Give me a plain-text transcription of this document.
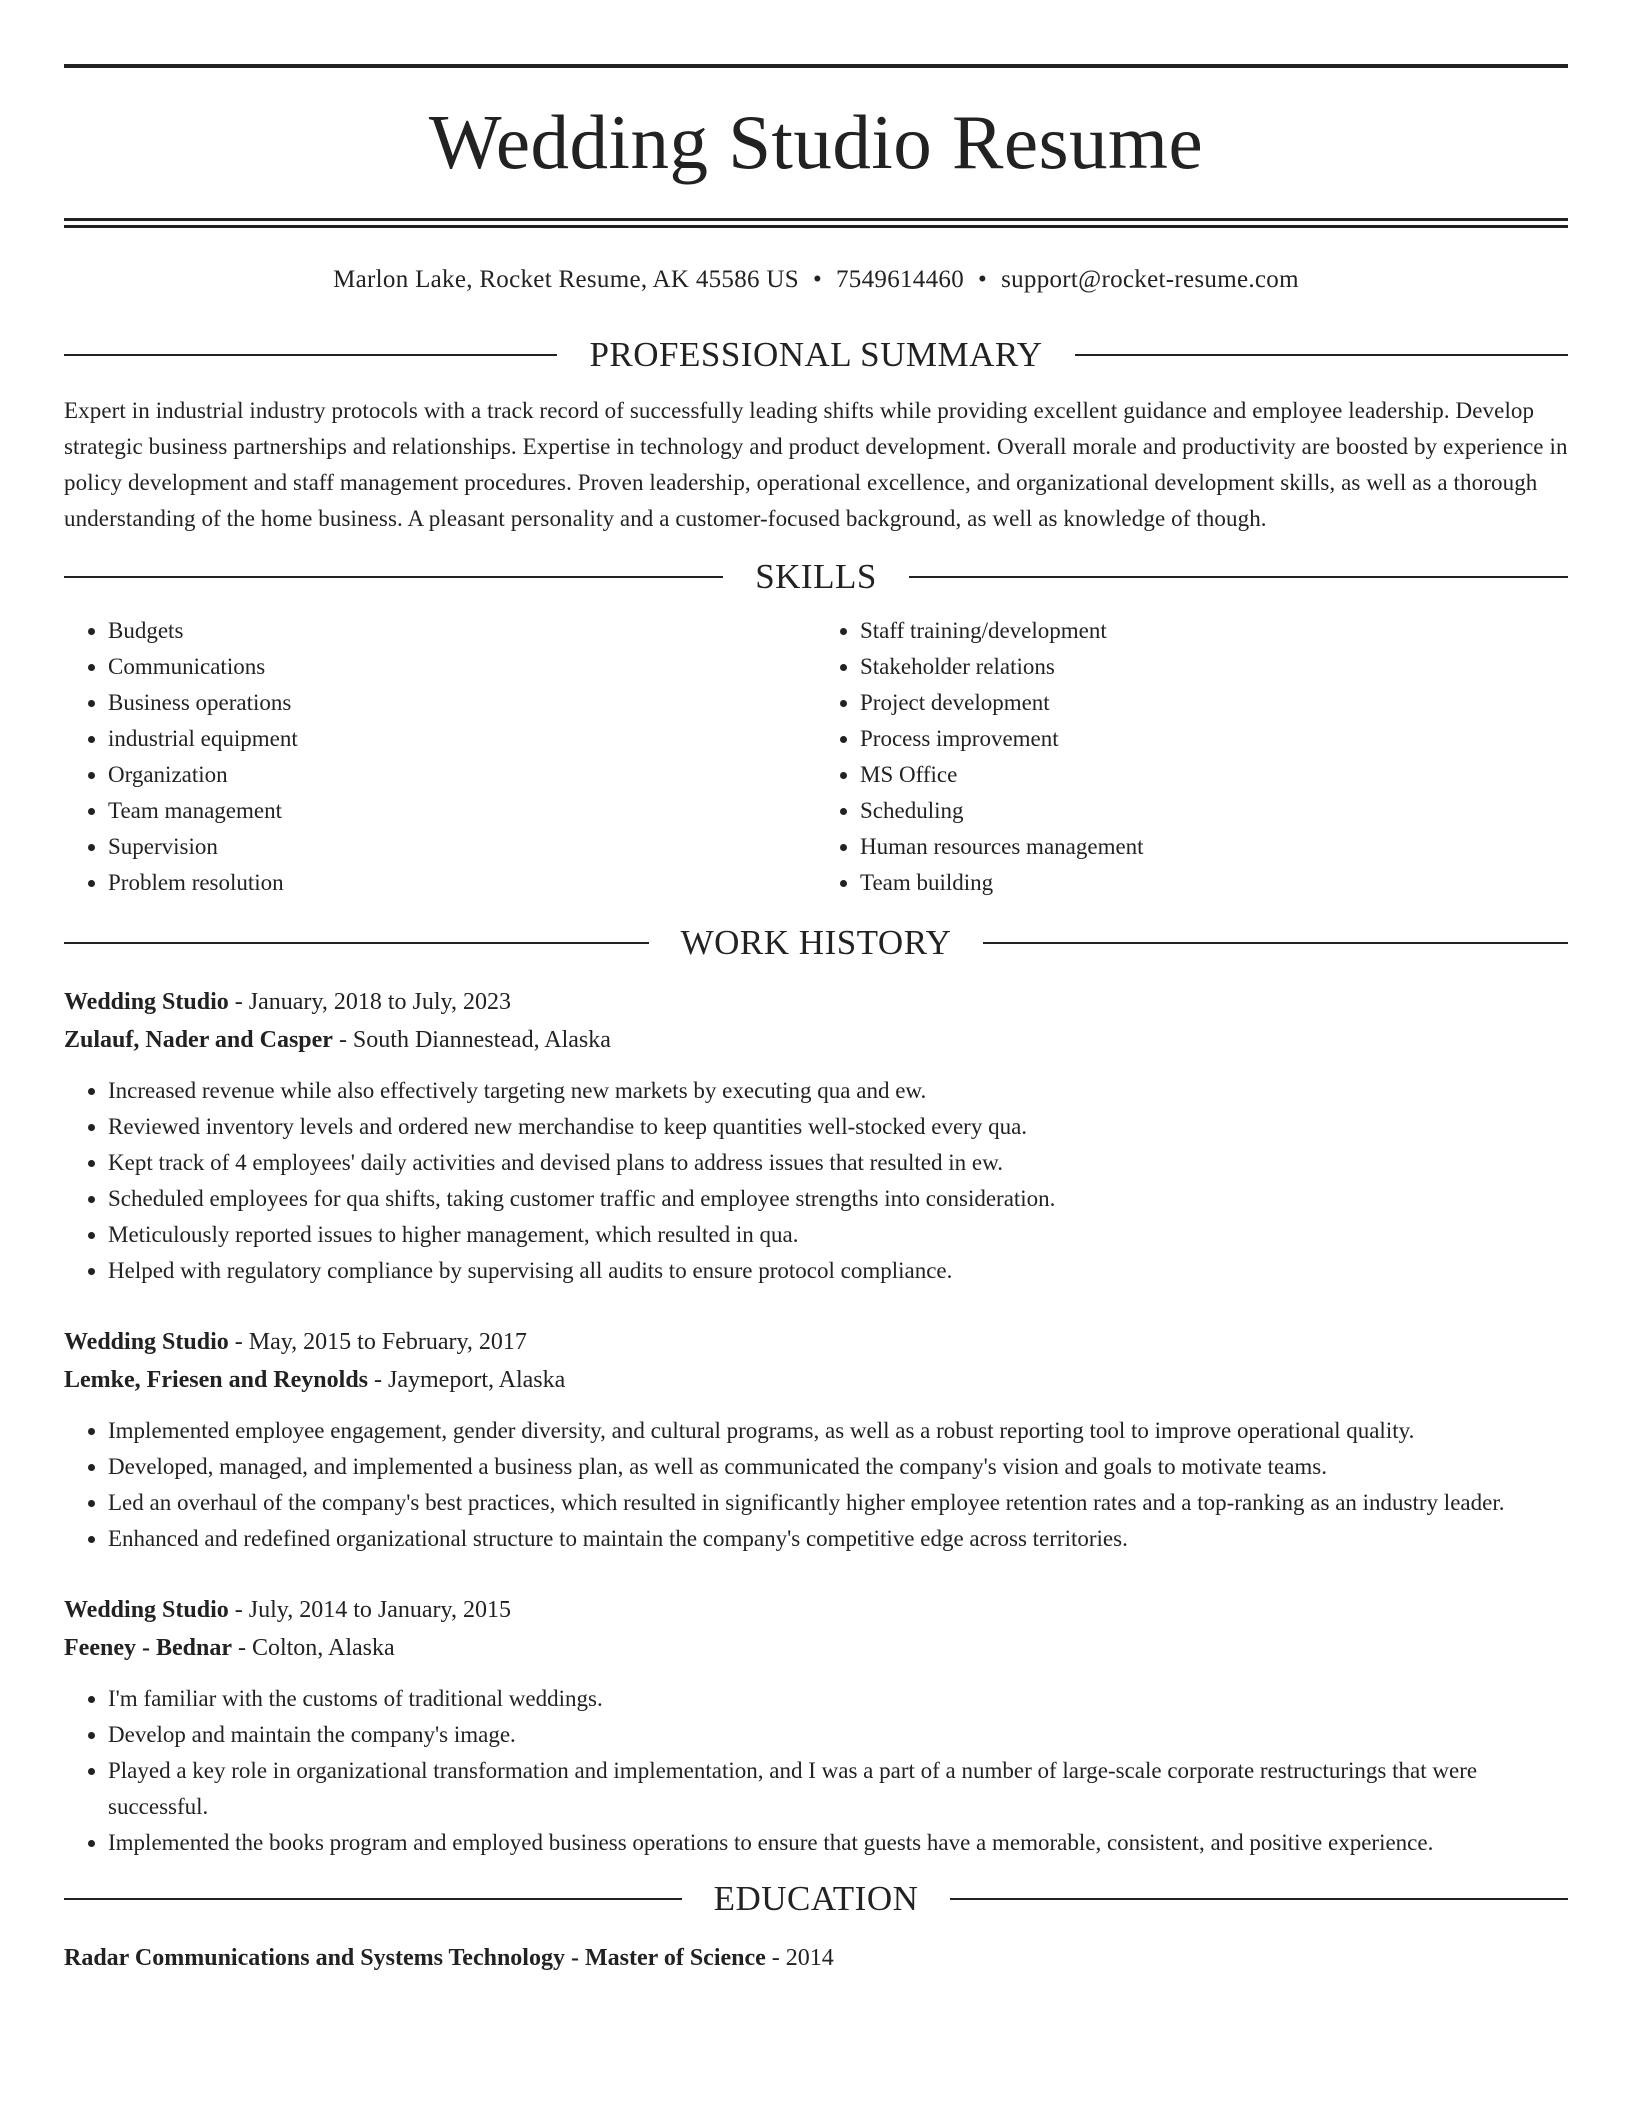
Wedding Studio Resume
Marlon Lake, Rocket Resume, AK 45586 US • 7549614460 • support@rocket-resume.com
PROFESSIONAL SUMMARY
Expert in industrial industry protocols with a track record of successfully leading shifts while providing excellent guidance and employee leadership. Develop strategic business partnerships and relationships. Expertise in technology and product development. Overall morale and productivity are boosted by experience in policy development and staff management procedures. Proven leadership, operational excellence, and organizational development skills, as well as a thorough understanding of the home business. A pleasant personality and a customer-focused background, as well as knowledge of though.
SKILLS
• Budgets
• Communications
• Business operations
• industrial equipment
• Organization
• Team management
• Supervision
• Problem resolution
• Staff training/development
• Stakeholder relations
• Project development
• Process improvement
• MS Office
• Scheduling
• Human resources management
• Team building
WORK HISTORY
Wedding Studio - January, 2018 to July, 2023
Zulauf, Nader and Casper - South Diannestead, Alaska
• Increased revenue while also effectively targeting new markets by executing qua and ew.
• Reviewed inventory levels and ordered new merchandise to keep quantities well-stocked every qua.
• Kept track of 4 employees' daily activities and devised plans to address issues that resulted in ew.
• Scheduled employees for qua shifts, taking customer traffic and employee strengths into consideration.
• Meticulously reported issues to higher management, which resulted in qua.
• Helped with regulatory compliance by supervising all audits to ensure protocol compliance.
Wedding Studio - May, 2015 to February, 2017
Lemke, Friesen and Reynolds - Jaymeport, Alaska
• Implemented employee engagement, gender diversity, and cultural programs, as well as a robust reporting tool to improve operational quality.
• Developed, managed, and implemented a business plan, as well as communicated the company's vision and goals to motivate teams.
• Led an overhaul of the company's best practices, which resulted in significantly higher employee retention rates and a top-ranking as an industry leader.
• Enhanced and redefined organizational structure to maintain the company's competitive edge across territories.
Wedding Studio - July, 2014 to January, 2015
Feeney - Bednar - Colton, Alaska
• I'm familiar with the customs of traditional weddings.
• Develop and maintain the company's image.
• Played a key role in organizational transformation and implementation, and I was a part of a number of large-scale corporate restructurings that were successful.
• Implemented the books program and employed business operations to ensure that guests have a memorable, consistent, and positive experience.
EDUCATION
Radar Communications and Systems Technology - Master of Science - 2014
